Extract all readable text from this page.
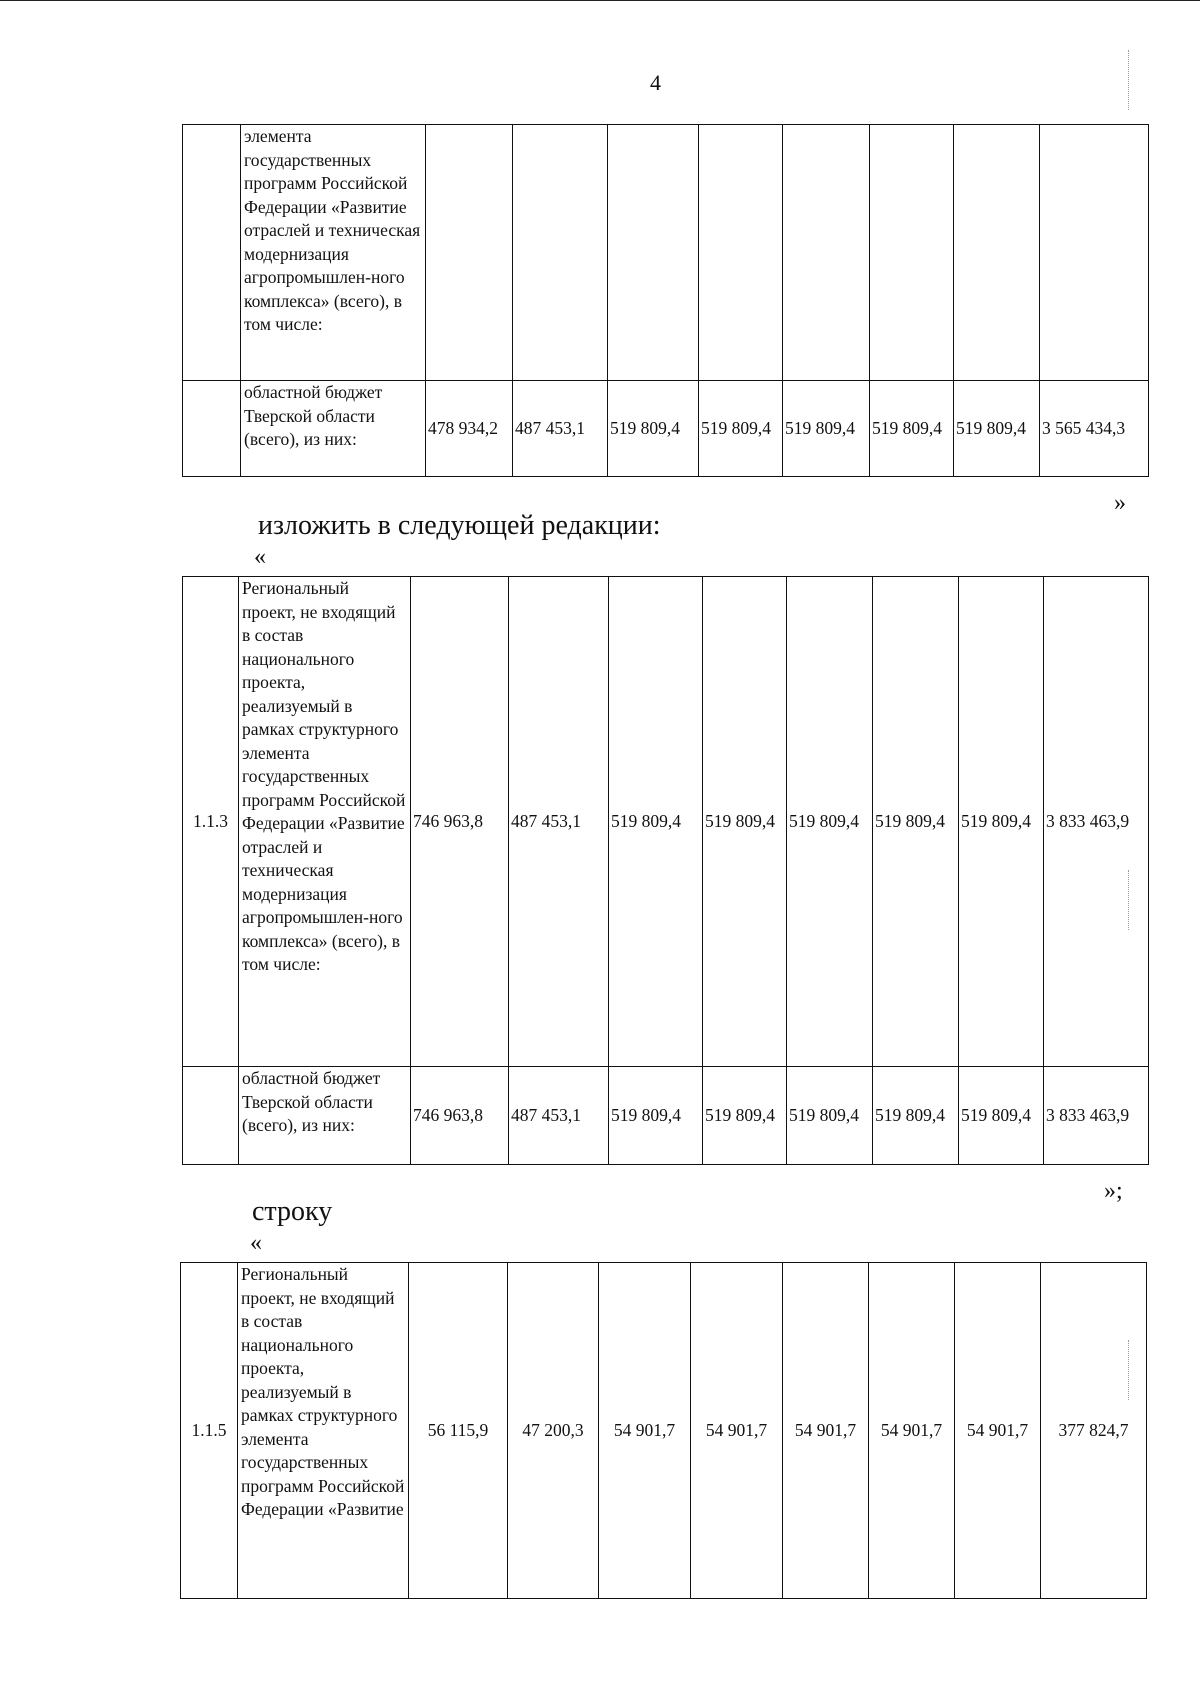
4
	элемента государственных программ Российской Федерации «Развитие отраслей и техническая модернизация агропромышлен-ного комплекса» (всего), в том числе:								
	областной бюджет Тверской области (всего), из них:	478 934,2	487 453,1	519 809,4	519 809,4	519 809,4	519 809,4	519 809,4	3 565 434,3
»
изложить в следующей редакции:
«
1.1.3	Региональный проект, не входящий в состав национального проекта, реализуемый в рамках структурного элемента государственных программ Российской Федерации «Развитие отраслей и техническая модернизация агропромышлен-ного комплекса» (всего), в том числе:	746 963,8	487 453,1	519 809,4	519 809,4	519 809,4	519 809,4	519 809,4	3 833 463,9
	областной бюджет Тверской области (всего), из них:	746 963,8	487 453,1	519 809,4	519 809,4	519 809,4	519 809,4	519 809,4	3 833 463,9
»;
строку
«
1.1.5	Региональный проект, не входящий в состав национального проекта, реализуемый в рамках структурного элемента государственных программ Российской Федерации «Развитие	56 115,9	47 200,3	54 901,7	54 901,7	54 901,7	54 901,7	54 901,7	377 824,7
